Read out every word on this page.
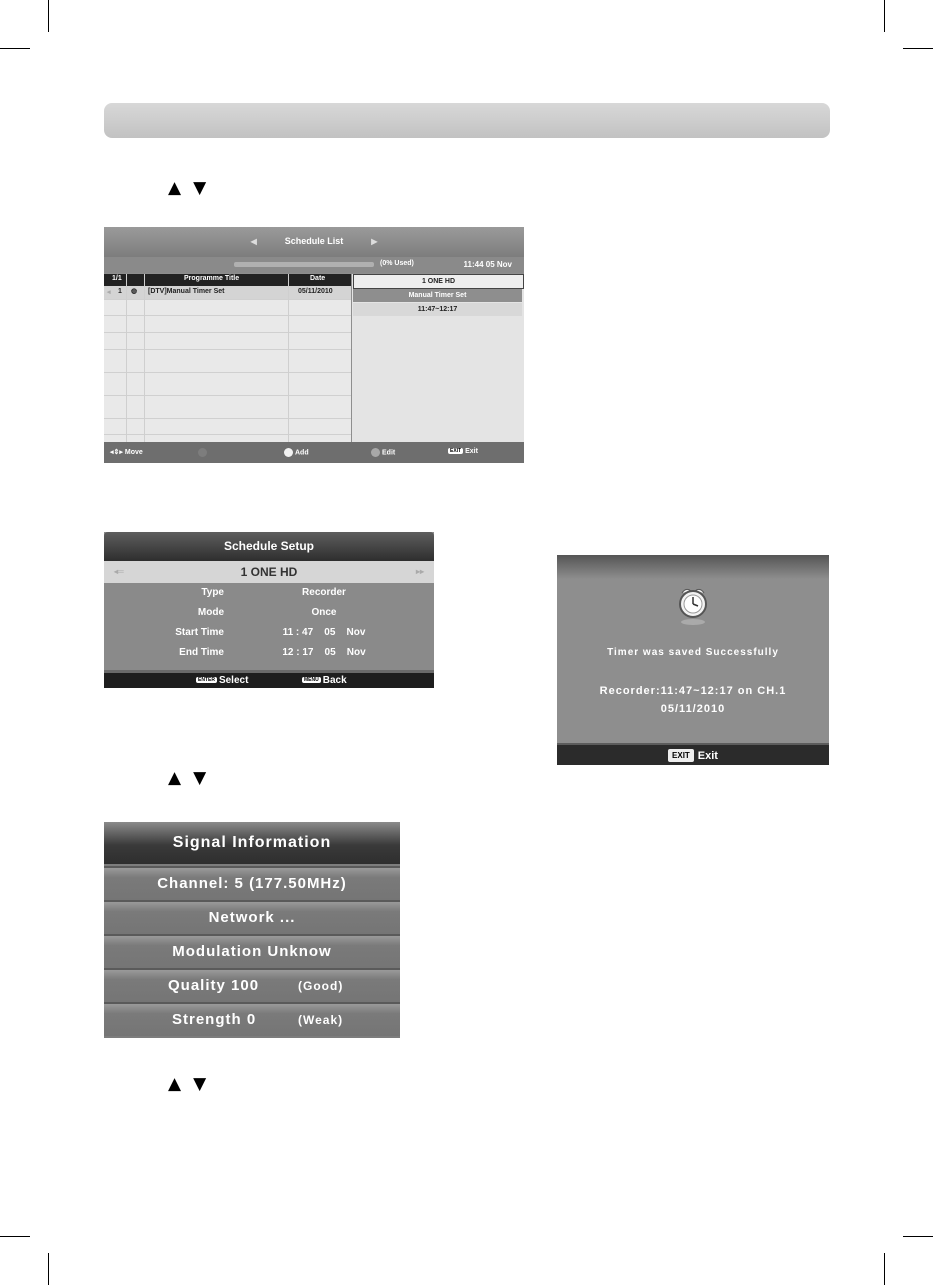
▲▼
▲▼
▲▼
◀	Schedule List	▶
(0% Used)	11:44 05 Nov
1/1	Programme Title	Date
◂ 1 ◍ [DTV]Manual Timer Set	05/11/2010
1 ONE HD
Manual Timer Set
11:47~12:17
◂⇕▸ Move	Add	Edit	EXIT Exit
Schedule Setup
◂═	1 ONE HD	▸▸
Type	Recorder
Mode	Once
Start Time	11 : 47    05    Nov
End Time	12 : 17    05    Nov
ENTER Select	MENU Back
Timer was saved Successfully
Recorder:11:47~12:17 on CH.1
05/11/2010
EXIT Exit
Signal Information
Channel: 5 (177.50MHz)
Network ...
Modulation Unknow
Quality 100	(Good)
Strength 0	(Weak)
